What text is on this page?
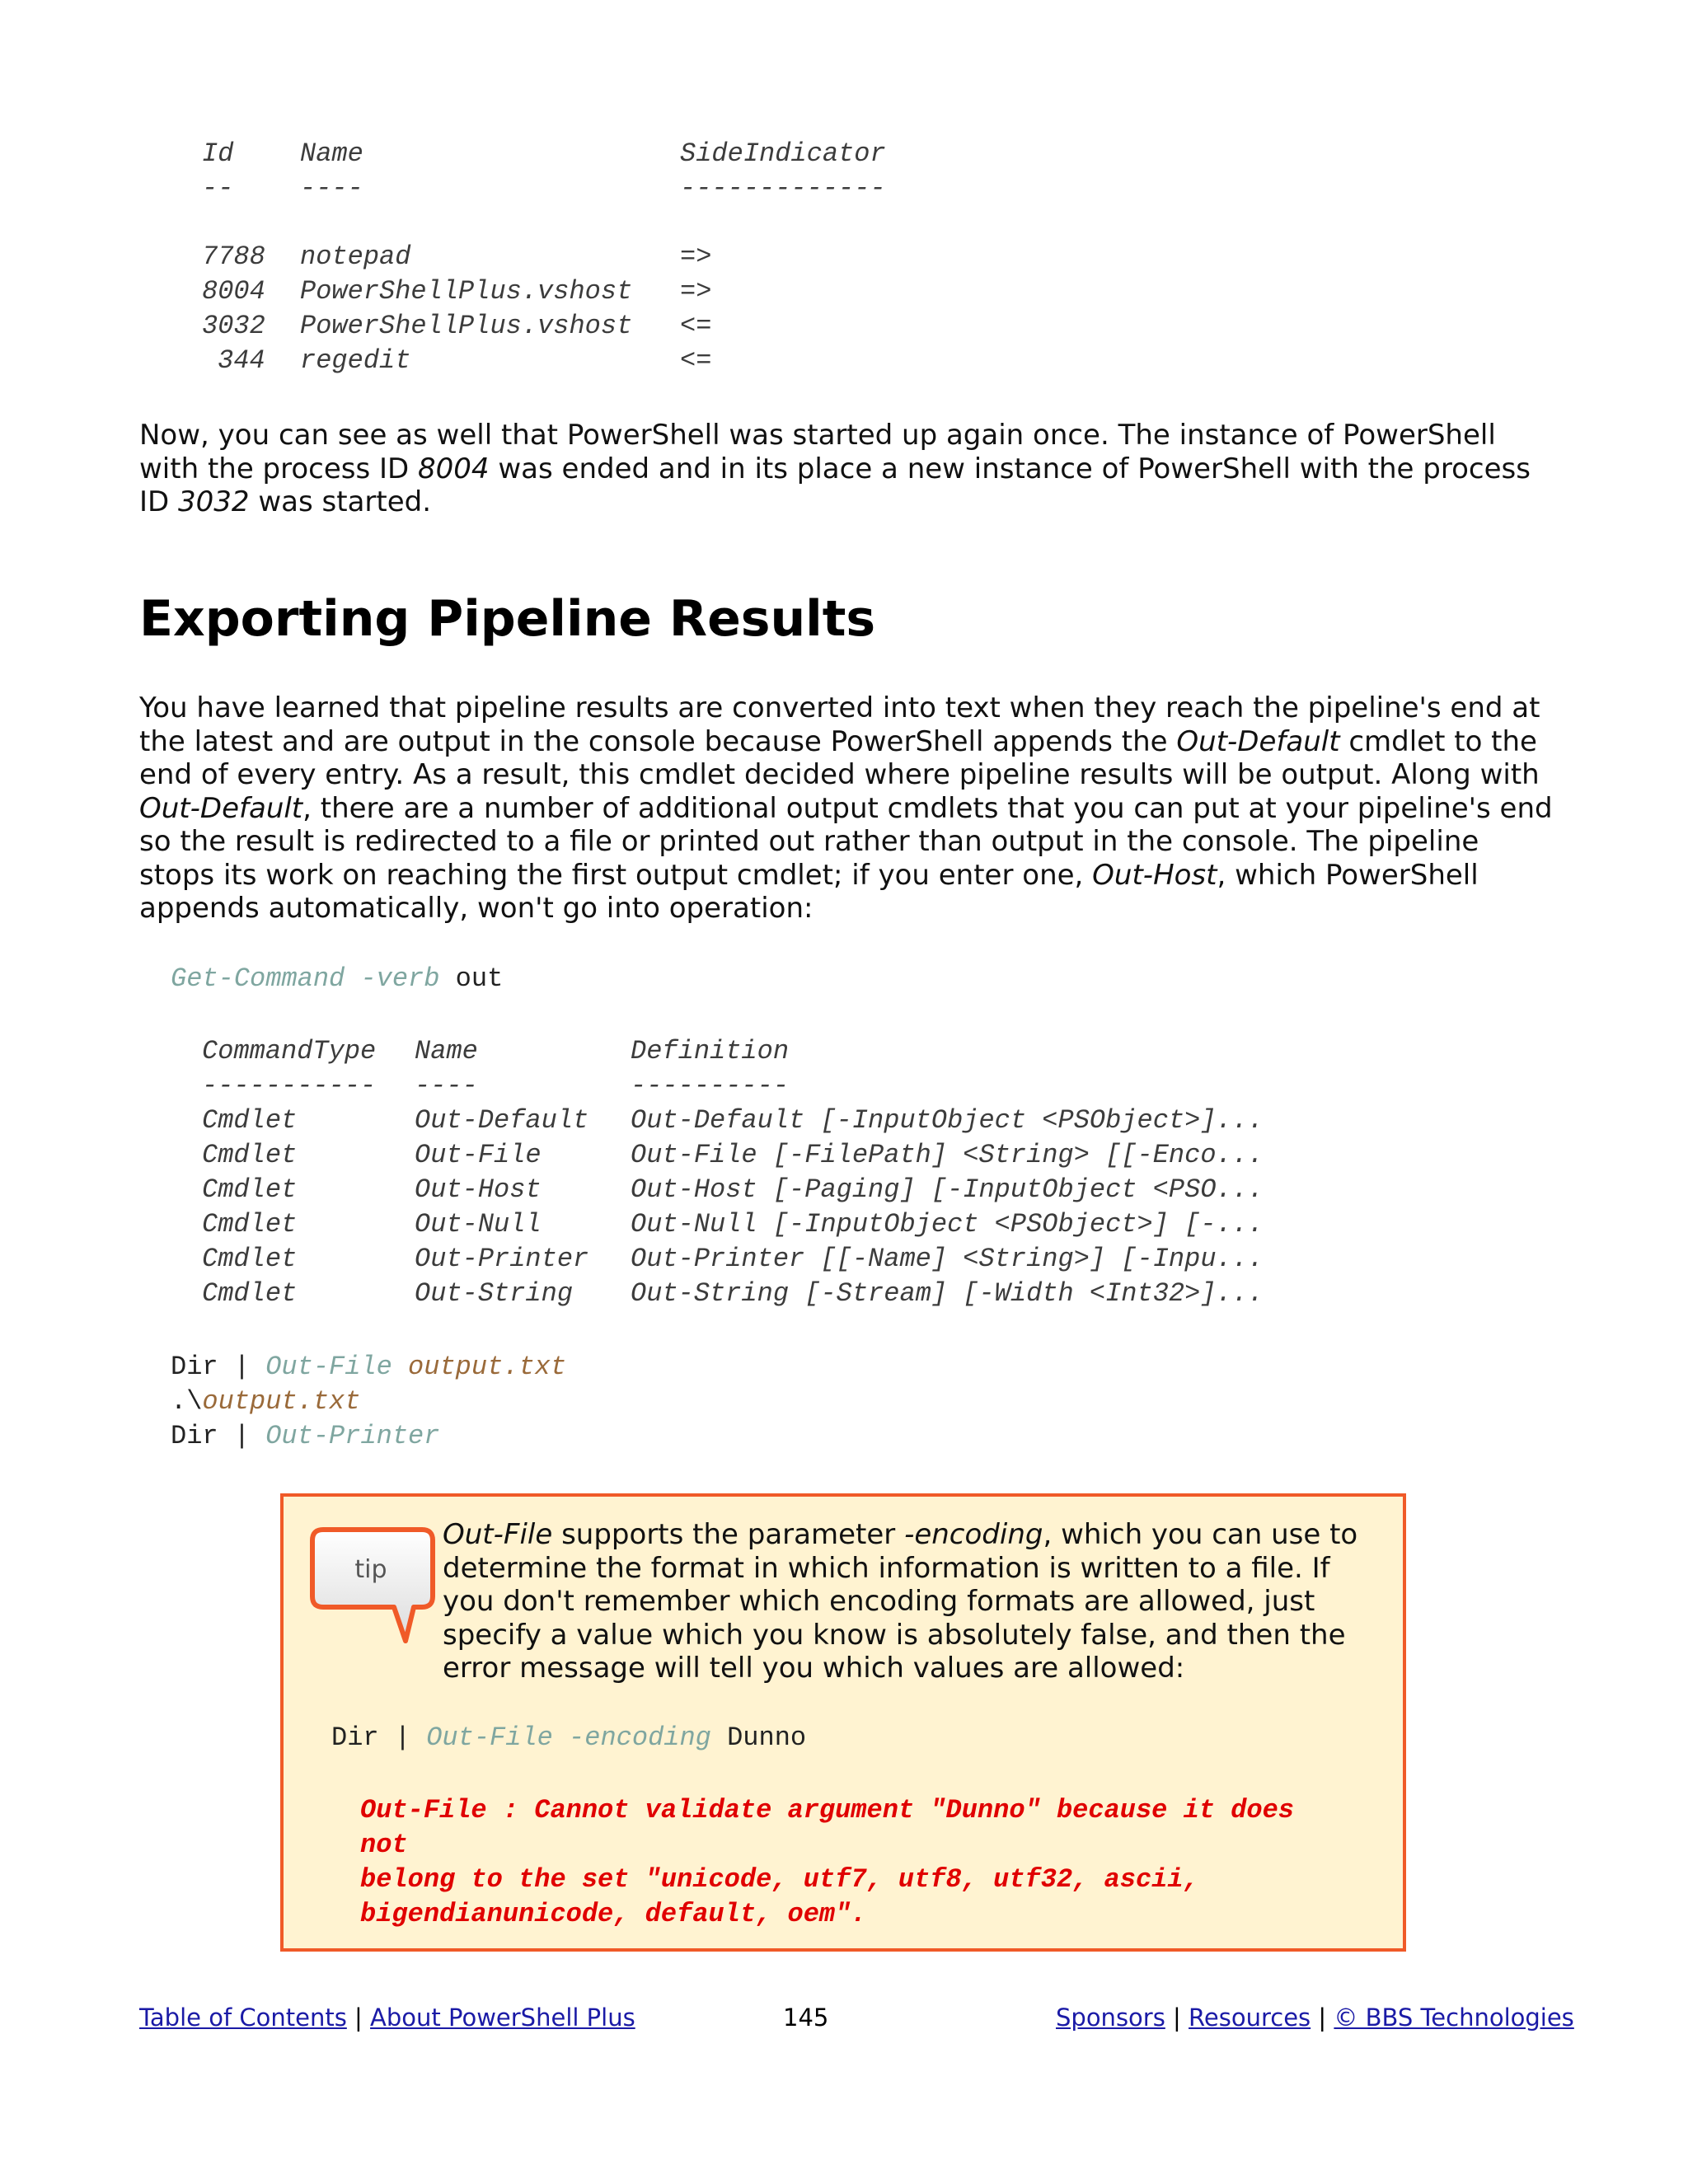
Id	Name	SideIndicator
--	----	-------------
7788 notepad	=>
8004 PowerShellPlus.vshost =>
3032 PowerShellPlus.vshost <=
344 regedit	<=

Now, you can see as well that PowerShell was started up again once. The instance of PowerShell with the process ID 8004 was ended and in its place a new instance of PowerShell with the process ID 3032 was started.

Exporting Pipeline Results

You have learned that pipeline results are converted into text when they reach the pipeline's end at the latest and are output in the console because PowerShell appends the Out-Default cmdlet to the end of every entry. As a result, this cmdlet decided where pipeline results will be output. Along with Out-Default, there are a number of additional output cmdlets that you can put at your pipeline's end so the result is redirected to a file or printed out rather than output in the console. The pipeline stops its work on reaching the first output cmdlet; if you enter one, Out-Host, which PowerShell appends automatically, won't go into operation:

Get-Command -verb out
CommandType Name	Definition
----------- ----	----------
Cmdlet	Out-Default Out-Default [-InputObject <PSObject>]...
Cmdlet	Out-File	Out-File [-FilePath] <String> [[-Enco...
Cmdlet	Out-Host	Out-Host [-Paging] [-InputObject <PSO...
Cmdlet	Out-Null	Out-Null [-InputObject <PSObject>] [-...
Cmdlet	Out-Printer Out-Printer [[-Name] <String>] [-Inpu...
Cmdlet	Out-String Out-String [-Stream] [-Width <Int32>]...
Dir | Out-File output.txt
.\output.txt
Dir | Out-Printer
tip

Out-File supports the parameter -encoding, which you can use to determine the format in which information is written to a file. If you don't remember which encoding formats are allowed, just specify a value which you know is absolutely false, and then the error message will tell you which values are allowed:

Dir | Out-File -encoding Dunno
Out-File : Cannot validate argument "Dunno" because it does
not
belong to the set "unicode, utf7, utf8, utf32, ascii,
bigendianunicode, default, oem".
Table of Contents | About PowerShell Plus	145	Sponsors | Resources | © BBS Technologies
